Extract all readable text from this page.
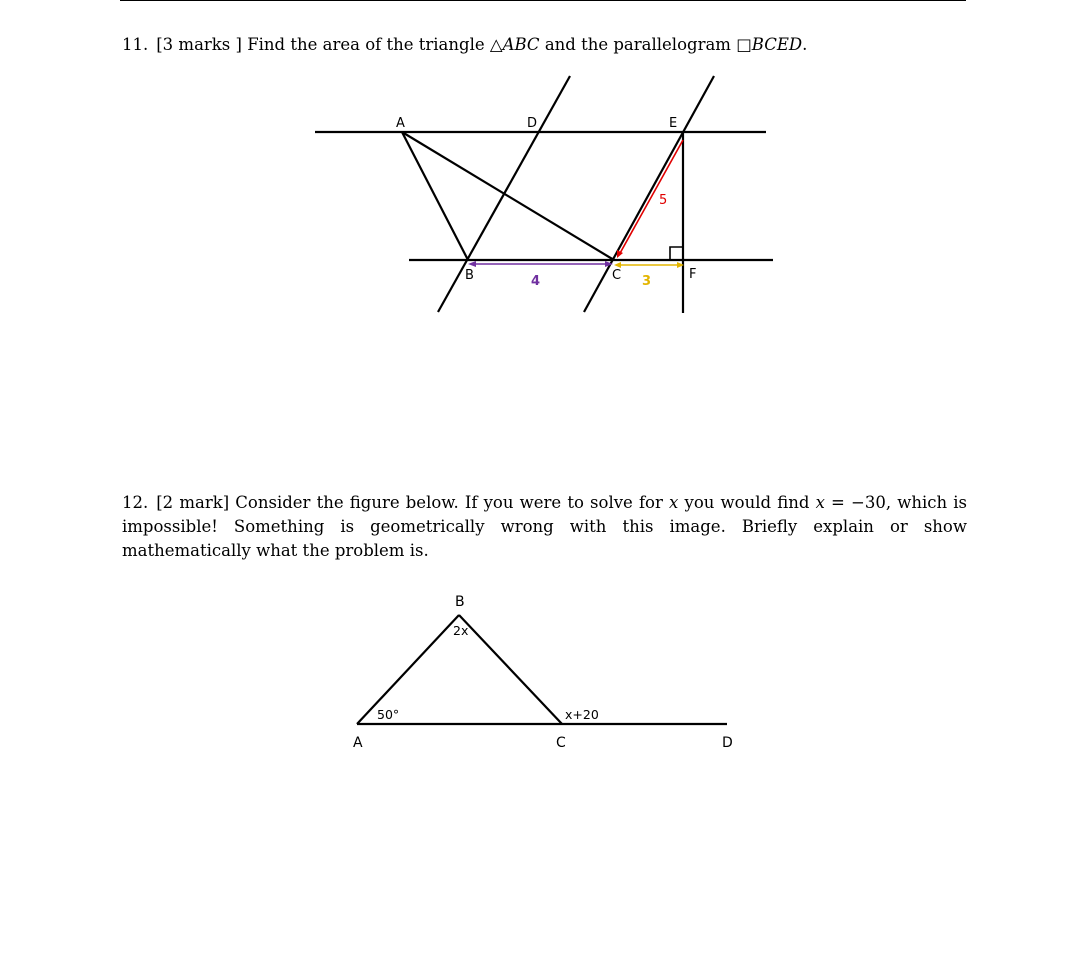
11. [3 marks ] Find the area of the triangle △ABC and the parallelogram □BCED.
12. [2 mark] Consider the figure below. If you were to solve for x you would find x = −30, which is impossible! Something is geometrically wrong with this image. Briefly explain or show mathematically what the problem is.
A	D	E
B	C	F
4	3
5
B
A	C	D
50°
2x
x+20
